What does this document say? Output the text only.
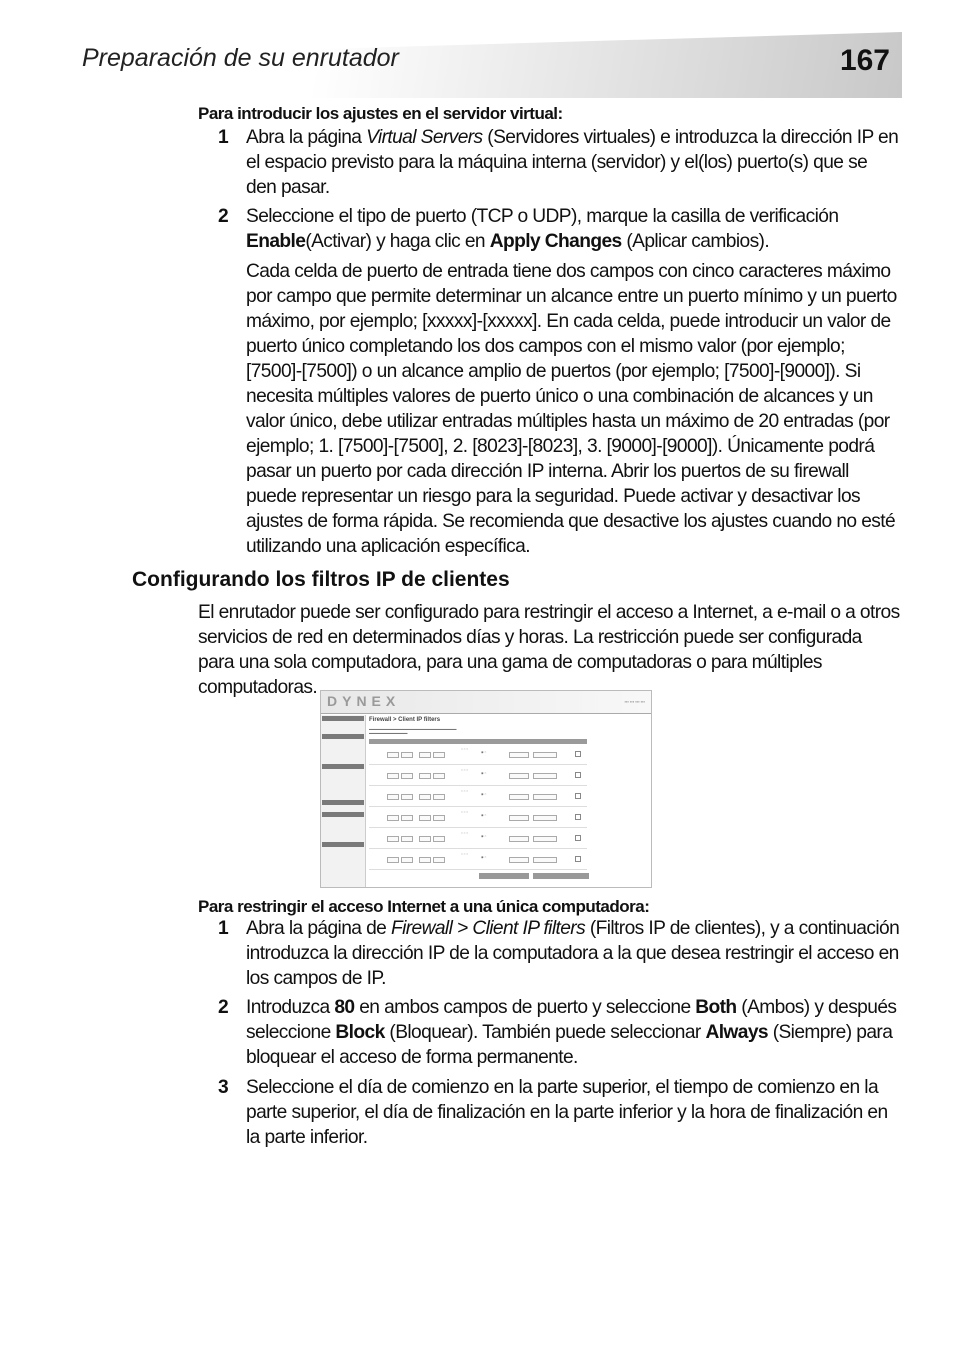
Preparación de su enrutador	167
Para introducir los ajustes en el servidor virtual:
1 Abra la página Virtual Servers (Servidores virtuales) e introduzca la dirección IP en el espacio previsto para la máquina interna (servidor) y el(los) puerto(s) que se den pasar.
2 Seleccione el tipo de puerto (TCP o UDP), marque la casilla de verificación Enable(Activar) y haga clic en Apply Changes (Aplicar cambios).
Cada celda de puerto de entrada tiene dos campos con cinco caracteres máximo por campo que permite determinar un alcance entre un puerto mínimo y un puerto máximo, por ejemplo; [xxxxx]-[xxxxx]. En cada celda, puede introducir un valor de puerto único completando los dos campos con el mismo valor (por ejemplo; [7500]-[7500]) o un alcance amplio de puertos (por ejemplo; [7500]-[9000]). Si necesita múltiples valores de puerto único o una combinación de alcances y un valor único, debe utilizar entradas múltiples hasta un máximo de 20 entradas (por ejemplo; 1. [7500]-[7500], 2. [8023]-[8023], 3. [9000]-[9000]). Únicamente podrá pasar un puerto por cada dirección IP interna. Abrir los puertos de su firewall puede representar un riesgo para la seguridad. Puede activar y desactivar los ajustes de forma rápida. Se recomienda que desactive los ajustes cuando no esté utilizando una aplicación específica.
Configurando los filtros IP de clientes
El enrutador puede ser configurado para restringir el acceso a Internet, a e-mail o a otros servicios de red en determinados días y horas. La restricción puede ser configurada para una sola computadora, para una gama de computadoras o para múltiples computadoras.
DYNEX	▪▪▪ ▪▪▪ ▪▪▪ ▪▪▪
Firewall > Client IP filters
▬▬▬▬▬▬▬▬▬▬▬▬▬▬▬▬▬▬▬▬▬▬▬▬▬
▬▬▬▬▬▬▬▬▬▬▬
○ ○ ○
◉ ○
○ ○ ○
◉ ○
○ ○ ○
◉ ○
○ ○ ○
◉ ○
○ ○ ○
◉ ○
○ ○ ○
◉ ○
Para restringir el acceso Internet a una única computadora:
1 Abra la página de Firewall > Client IP filters (Filtros IP de clientes), y a continuación introduzca la dirección IP de la computadora a la que desea restringir el acceso en los campos de IP.
2 Introduzca 80 en ambos campos de puerto y seleccione Both (Ambos) y después seleccione Block (Bloquear). También puede seleccionar Always (Siempre) para bloquear el acceso de forma permanente.
3 Seleccione el día de comienzo en la parte superior, el tiempo de comienzo en la parte superior, el día de finalización en la parte inferior y la hora de finalización en la parte inferior.
